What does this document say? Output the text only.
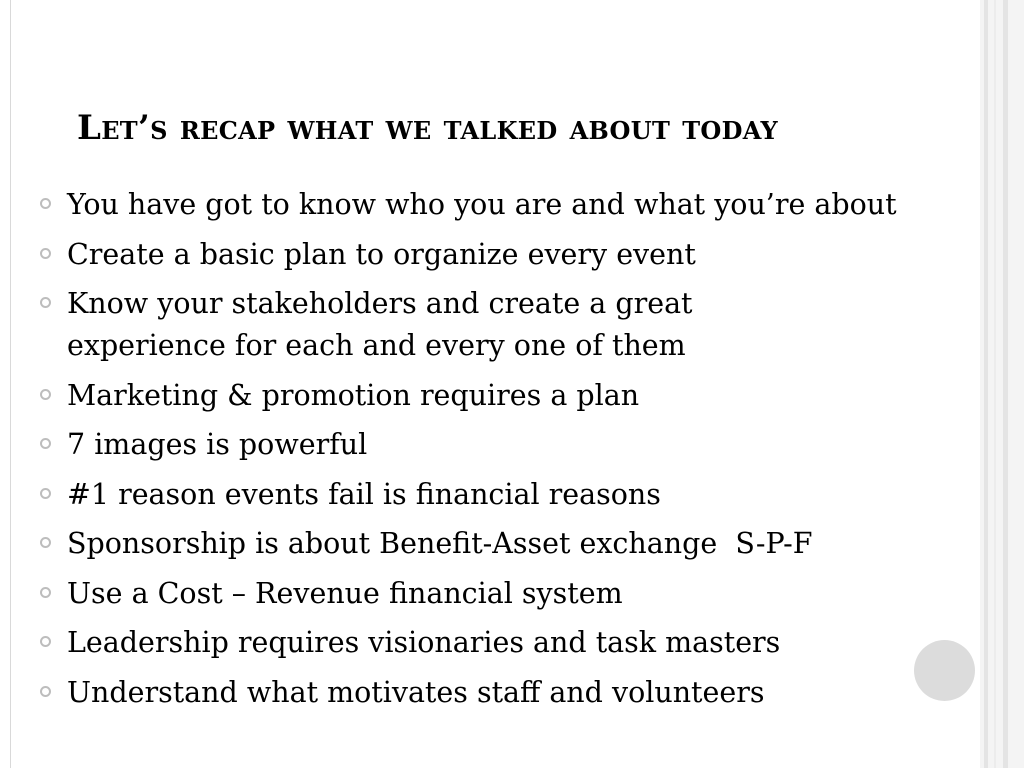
Let’s recap what we talked about today
You have got to know who you are and what you’re about
Create a basic plan to organize every event
Know your stakeholders and create a great experience for each and every one of them
Marketing & promotion requires a plan
7 images is powerful
#1 reason events fail is financial reasons
Sponsorship is about Benefit-Asset exchange  S-P-F
Use a Cost – Revenue financial system
Leadership requires visionaries and task masters
Understand what motivates staff and volunteers
